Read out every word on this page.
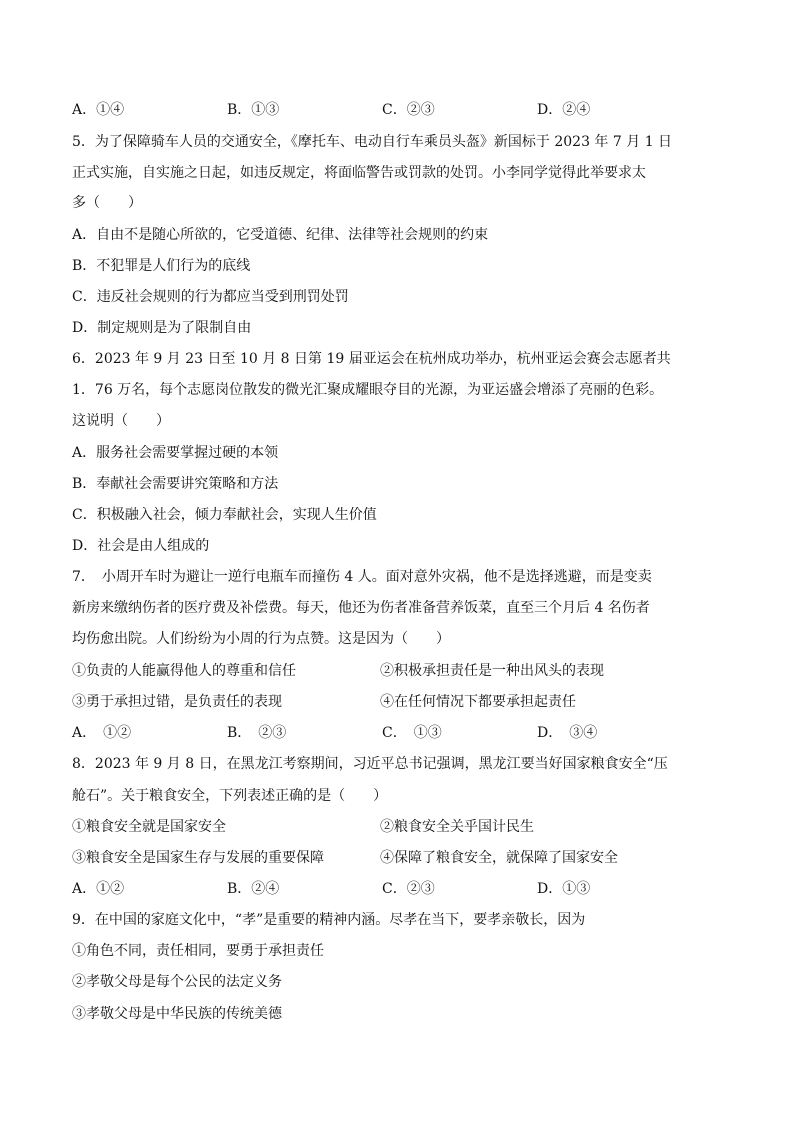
A．①④	B．①③	C．②③	D．②④
5．为了保障骑车人员的交通安全，《摩托车、电动自行车乘员头盔》新国标于 2023 年 7 月 1 日
正式实施，自实施之日起，如违反规定，将面临警告或罚款的处罚。小李同学觉得此举要求太
多（　　）
A．自由不是随心所欲的，它受道德、纪律、法律等社会规则的约束
B．不犯罪是人们行为的底线
C．违反社会规则的行为都应当受到刑罚处罚
D．制定规则是为了限制自由
6．2023 年 9 月 23 日至 10 月 8 日第 19 届亚运会在杭州成功举办，杭州亚运会赛会志愿者共
1．76 万名，每个志愿岗位散发的微光汇聚成耀眼夺目的光源，为亚运盛会增添了亮丽的色彩。
这说明（　　）
A．服务社会需要掌握过硬的本领
B．奉献社会需要讲究策略和方法
C．积极融入社会，倾力奉献社会，实现人生价值
D．社会是由人组成的
7．　小周开车时为避让一逆行电瓶车而撞伤 4 人。面对意外灾祸，他不是选择逃避，而是变卖
新房来缴纳伤者的医疗费及补偿费。每天，他还为伤者准备营养饭菜，直至三个月后 4 名伤者
均伤愈出院。人们纷纷为小周的行为点赞。这是因为（　　）
①负责的人能赢得他人的尊重和信任	②积极承担责任是一种出风头的表现
③勇于承担过错，是负责任的表现	④在任何情况下都要承担起责任
A．　①②	B．　②③	C．　①③	D．　③④
8．2023 年 9 月 8 日，在黑龙江考察期间，习近平总书记强调，黑龙江要当好国家粮食安全“压
舱石”。关于粮食安全，下列表述正确的是（　　）
①粮食安全就是国家安全	②粮食安全关乎国计民生
③粮食安全是国家生存与发展的重要保障	④保障了粮食安全，就保障了国家安全
A．①②	B．②④	C．②③	D．①③
9．在中国的家庭文化中，“孝”是重要的精神内涵。尽孝在当下，要孝亲敬长，因为
①角色不同，责任相同，要勇于承担责任
②孝敬父母是每个公民的法定义务
③孝敬父母是中华民族的传统美德
